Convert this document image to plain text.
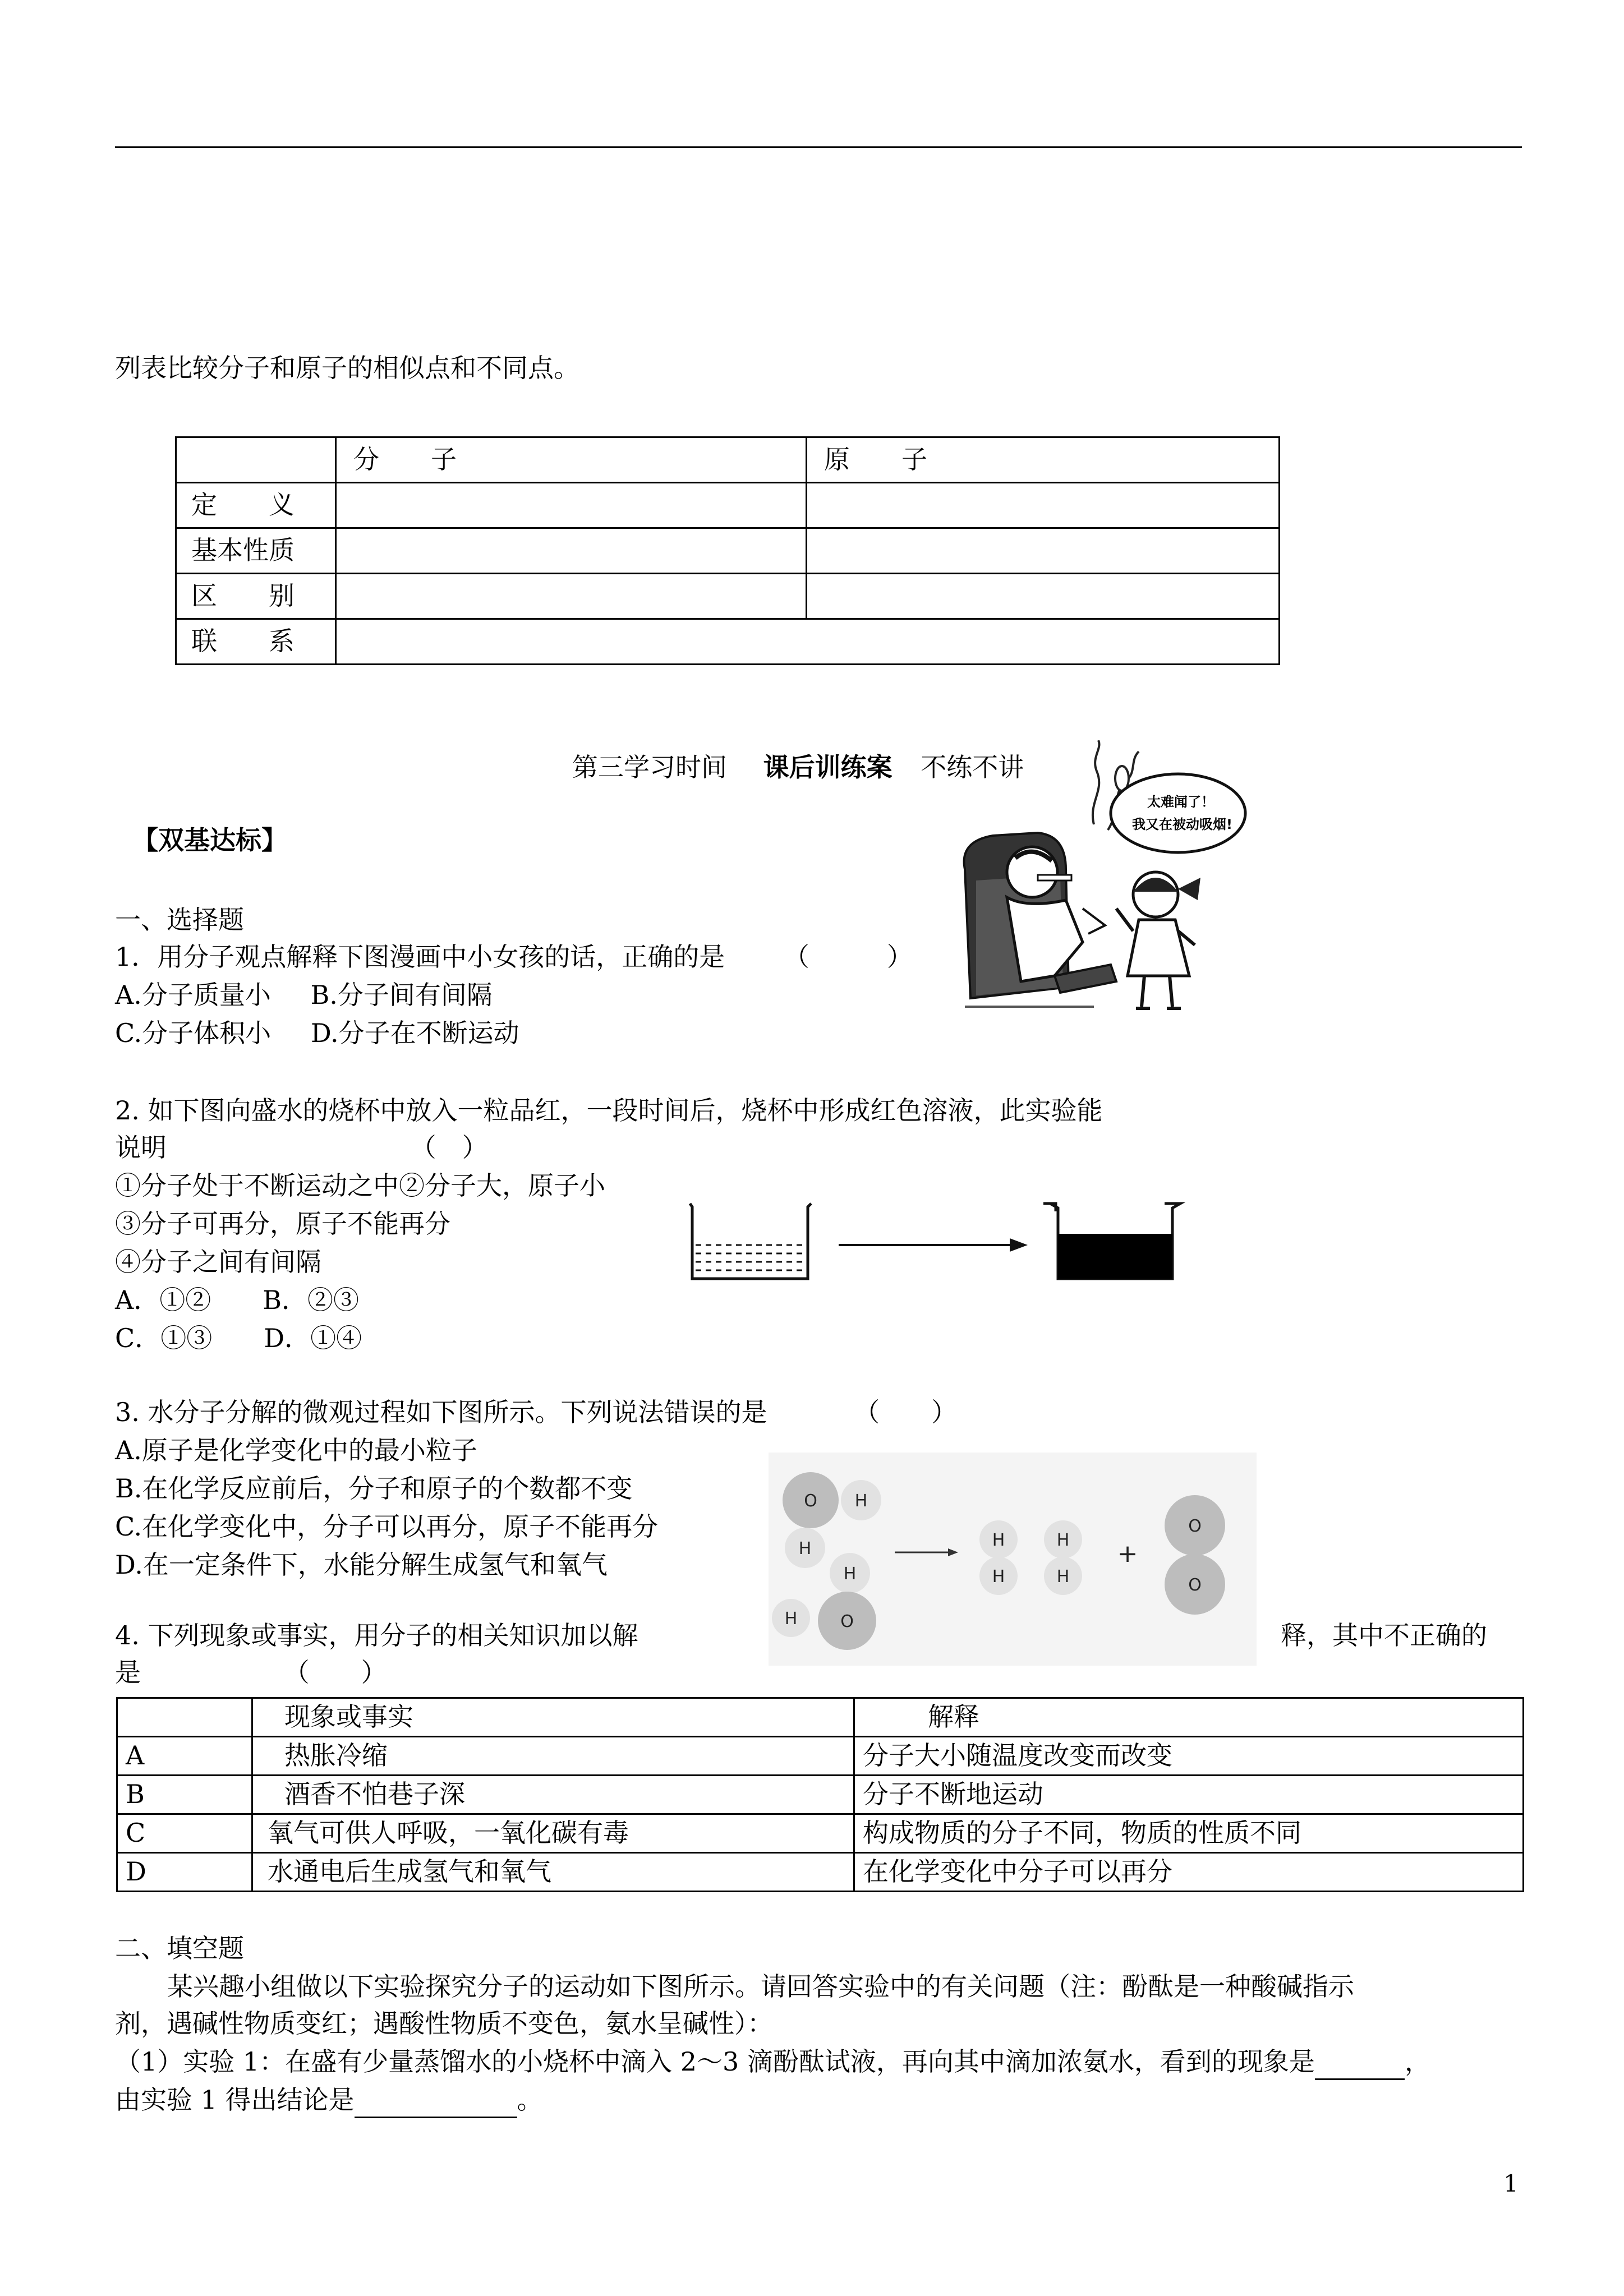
列表比较分子和原子的相似点和不同点。
	分　　子	原　　子
定　　义		
基本性质		
区　　别		
联　　系		
第三学习时间 课后训练案 不练不讲
太难闻了！
我又在被动吸烟!
【双基达标】
一、选择题
1．用分子观点解释下图漫画中小女孩的话，正确的是 （　　　）
A.分子质量小 B.分子间有间隔
C.分子体积小 D.分子在不断运动
2. 如下图向盛水的烧杯中放入一粒品红，一段时间后，烧杯中形成红色溶液，此实验能
说明	（　）
①分子处于不断运动之中②分子大，原子小
③分子可再分，原子不能再分
④分子之间有间隔
A．①②　　B．②③
C．①③　　D．①④
3. 水分子分解的微观过程如下图所示。下列说法错误的是	（　　）
A.原子是化学变化中的最小粒子
B.在化学反应前后，分子和原子的个数都不变
C.在化学变化中，分子可以再分，原子不能再分
D.在一定条件下，水能分解生成氢气和氧气
O H
H
H
H	O
H
H
H
H
+
O
O
4. 下列现象或事实，用分子的相关知识加以解	释，其中不正确的
是	（　　）
	现象或事实	解释
A	热胀冷缩	分子大小随温度改变而改变
B	酒香不怕巷子深	分子不断地运动
C	氧气可供人呼吸，一氧化碳有毒	构成物质的分子不同，物质的性质不同
D	水通电后生成氢气和氧气	在化学变化中分子可以再分
二、填空题
某兴趣小组做以下实验探究分子的运动如下图所示。请回答实验中的有关问题（注：酚酞是一种酸碱指示
剂，遇碱性物质变红；遇酸性物质不变色，氨水呈碱性）：
（1）实验 1：在盛有少量蒸馏水的小烧杯中滴入 2～3 滴酚酞试液，再向其中滴加浓氨水，看到的现象是	，
由实验 1 得出结论是	。
1
